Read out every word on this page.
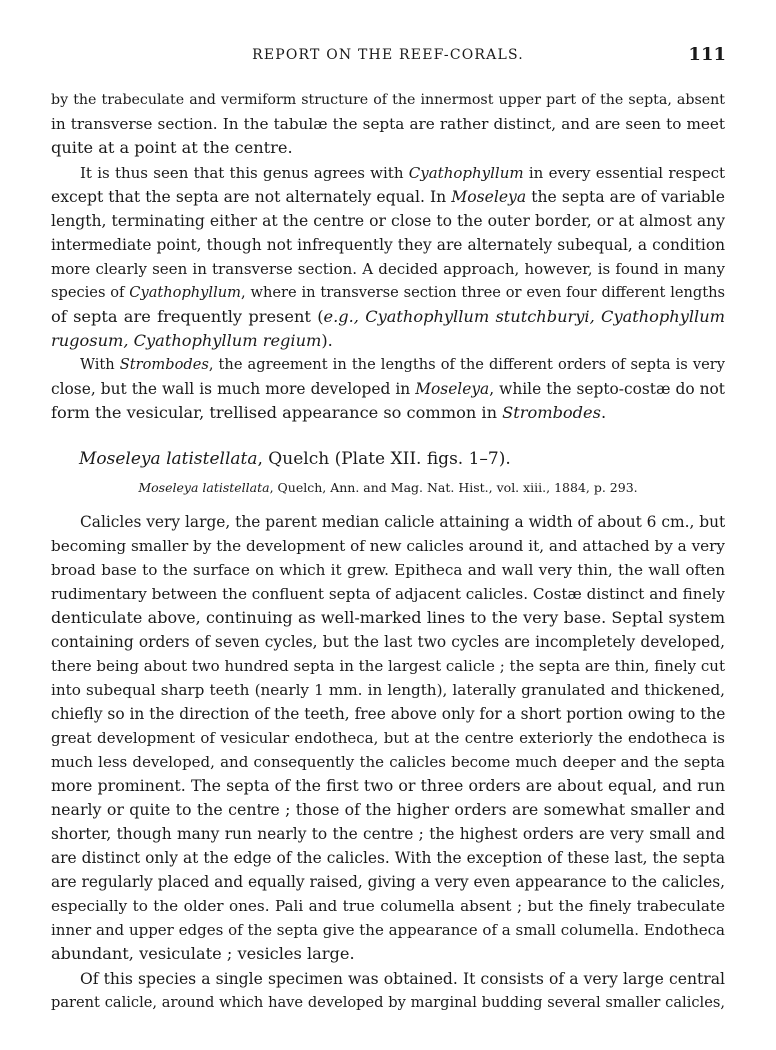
REPORT ON THE REEF-CORALS.	111
by the trabeculate and vermiform structure of the innermost upper part of the septa, absent
in transverse section. In the tabulæ the septa are rather distinct, and are seen to meet
quite at a point at the centre.
It is thus seen that this genus agrees with Cyathophyllum in every essential respect
except that the septa are not alternately equal. In Moseleya the septa are of variable
length, terminating either at the centre or close to the outer border, or at almost any
intermediate point, though not infrequently they are alternately subequal, a condition
more clearly seen in transverse section. A decided approach, however, is found in many
species of Cyathophyllum, where in transverse section three or even four different lengths
of septa are frequently present (e.g., Cyathophyllum stutchburyi, Cyathophyllum
rugosum, Cyathophyllum regium).
With Strombodes, the agreement in the lengths of the different orders of septa is very
close, but the wall is much more developed in Moseleya, while the septo-costæ do not
form the vesicular, trellised appearance so common in Strombodes.
Moseleya latistellata, Quelch (Plate XII. figs. 1–7).
Moseleya latistellata, Quelch, Ann. and Mag. Nat. Hist., vol. xiii., 1884, p. 293.
Calicles very large, the parent median calicle attaining a width of about 6 cm., but
becoming smaller by the development of new calicles around it, and attached by a very
broad base to the surface on which it grew. Epitheca and wall very thin, the wall often
rudimentary between the confluent septa of adjacent calicles. Costæ distinct and finely
denticulate above, continuing as well-marked lines to the very base. Septal system
containing orders of seven cycles, but the last two cycles are incompletely developed,
there being about two hundred septa in the largest calicle ; the septa are thin, finely cut
into subequal sharp teeth (nearly 1 mm. in length), laterally granulated and thickened,
chiefly so in the direction of the teeth, free above only for a short portion owing to the
great development of vesicular endotheca, but at the centre exteriorly the endotheca is
much less developed, and consequently the calicles become much deeper and the septa
more prominent. The septa of the first two or three orders are about equal, and run
nearly or quite to the centre ; those of the higher orders are somewhat smaller and
shorter, though many run nearly to the centre ; the highest orders are very small and
are distinct only at the edge of the calicles. With the exception of these last, the septa
are regularly placed and equally raised, giving a very even appearance to the calicles,
especially to the older ones. Pali and true columella absent ; but the finely trabeculate
inner and upper edges of the septa give the appearance of a small columella. Endotheca
abundant, vesiculate ; vesicles large.
Of this species a single specimen was obtained. It consists of a very large central
parent calicle, around which have developed by marginal budding several smaller calicles,
